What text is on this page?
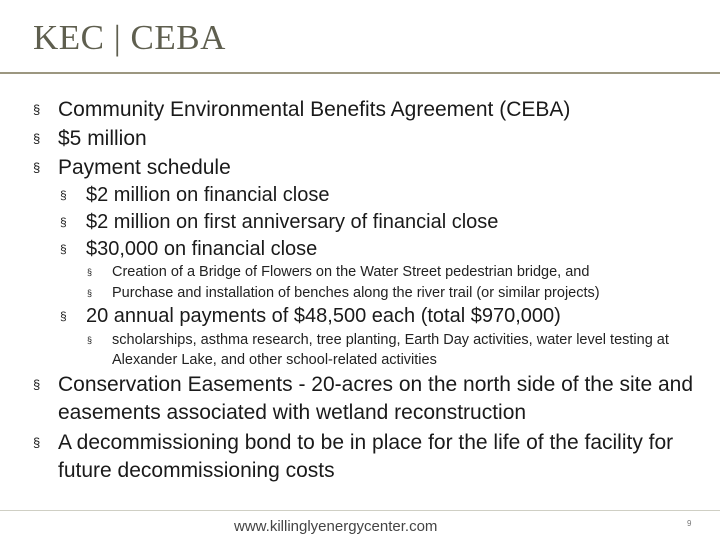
KEC | CEBA
§ Community Environmental Benefits Agreement (CEBA)
§ $5 million
§ Payment schedule
§ $2 million on financial close
§ $2 million on first anniversary of financial close
§ $30,000 on financial close
§ Creation of a Bridge of Flowers on the Water Street pedestrian bridge, and
§ Purchase and installation of benches along the river trail (or similar projects)
§ 20 annual payments of $48,500 each (total $970,000)
§ scholarships, asthma research, tree planting, Earth Day activities, water level testing at Alexander Lake, and other school-related activities
§ Conservation Easements - 20-acres on the north side of the site and easements associated with wetland reconstruction
§ A decommissioning bond to be in place for the life of the facility for future decommissioning costs
www.killinglyenergycenter.com	9
